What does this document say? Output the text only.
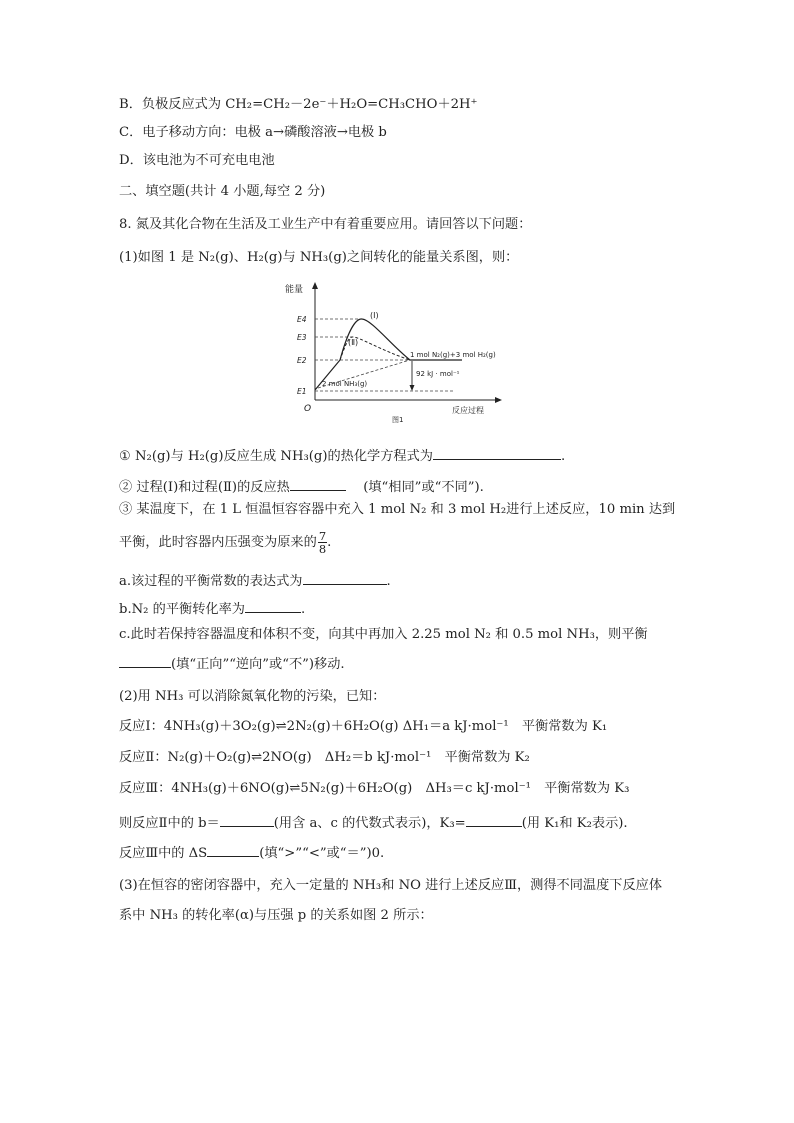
B．负极反应式为 CH₂=CH₂－2e⁻＋H₂O=CH₃CHO＋2H⁺
C．电子移动方向：电极 a→磷酸溶液→电极 b
D．该电池为不可充电电池
二、填空题(共计 4 小题,每空 2 分)
8. 氮及其化合物在生活及工业生产中有着重要应用。请回答以下问题：
(1)如图 1 是 N₂(g)、H₂(g)与 NH₃(g)之间转化的能量关系图，则：
能量
反应过程
O
图1
E4
E3
E2
E1
(Ⅰ)
(Ⅱ)
1 mol N₂(g)+3 mol H₂(g)
2 mol NH₃(g)
92 kJ · mol⁻¹
① N₂(g)与 H₂(g)反应生成 NH₃(g)的热化学方程式为	.
② 过程(Ⅰ)和过程(Ⅱ)的反应热　	(填“相同”或“不同”).
③ 某温度下，在 1 L 恒温恒容容器中充入 1 mol N₂ 和 3 mol H₂进行上述反应，10 min 达到
平衡，此时容器内压强变为原来的 $\frac{7}{8}$ .
a.该过程的平衡常数的表达式为	.
b.N₂ 的平衡转化率为	.
c.此时若保持容器温度和体积不变，向其中再加入 2.25 mol N₂ 和 0.5 mol NH₃，则平衡
(填“正向”“逆向”或“不”)移动.
(2)用 NH₃ 可以消除氮氧化物的污染，已知：
反应Ⅰ：4NH₃(g)＋3O₂(g)⇌2N₂(g)＋6H₂O(g) ΔH₁＝a kJ·mol⁻¹　平衡常数为 K₁
反应Ⅱ：N₂(g)＋O₂(g)⇌2NO(g)　ΔH₂＝b kJ·mol⁻¹　平衡常数为 K₂
反应Ⅲ：4NH₃(g)＋6NO(g)⇌5N₂(g)＋6H₂O(g)　ΔH₃＝c kJ·mol⁻¹　平衡常数为 K₃
则反应Ⅱ中的 b＝	(用含 a、c 的代数式表示)，K₃=	(用 K₁和 K₂表示).
反应Ⅲ中的 ΔS	(填“>”“<”或“＝”)0.
(3)在恒容的密闭容器中，充入一定量的 NH₃和 NO 进行上述反应Ⅲ，测得不同温度下反应体
系中 NH₃ 的转化率(α)与压强 p 的关系如图 2 所示：
